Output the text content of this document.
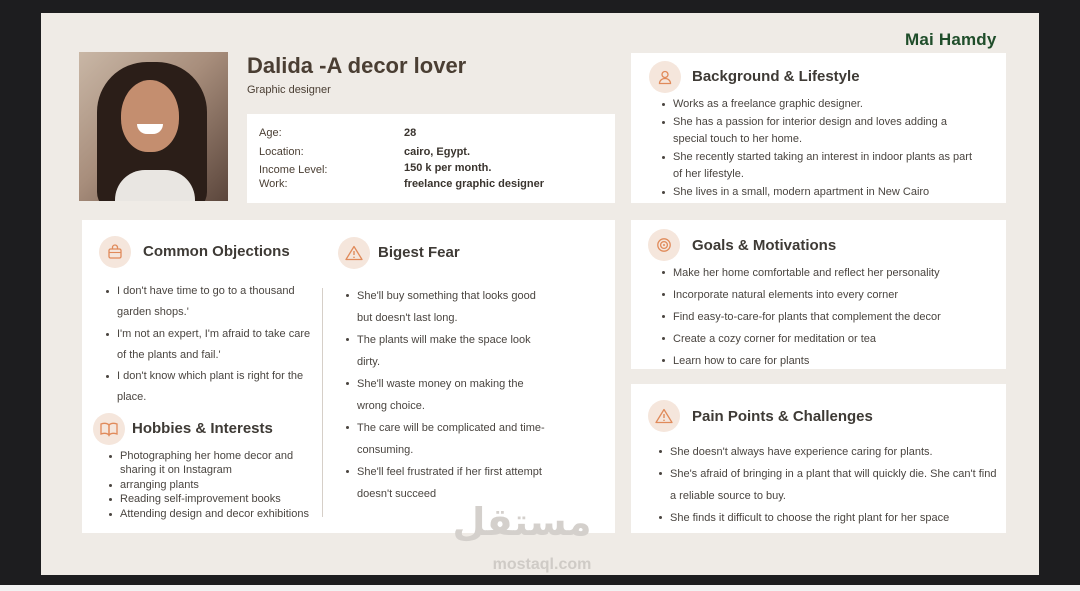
Mai Hamdy
Dalida -A decor lover
Graphic designer
Age:	28
Location:	cairo, Egypt.
Income Level:	150 k per month.
Work:	freelance graphic designer
Common Objections
I don't have time to go to a thousand garden shops.'
I'm not an expert, I'm afraid to take care of the plants and fail.'
I don't know which plant is right for the place.
Hobbies & Interests
Photographing her home decor and sharing it on Instagram
arranging plants
Reading self-improvement books
Attending design and decor exhibitions
Bigest Fear
She'll buy something that looks good but doesn't last long.
The plants will make the space look dirty.
She'll waste money on making the wrong choice.
The care will be complicated and time-consuming.
She'll feel frustrated if her first attempt doesn't succeed
Background & Lifestyle
Works as a freelance graphic designer.
She has a passion for interior design and loves adding a special touch to her home.
She recently started taking an interest in indoor plants as part of her lifestyle.
She lives in a small, modern apartment in New Cairo
Goals & Motivations
Make her home comfortable and reflect her personality
Incorporate natural elements into every corner
Find easy-to-care-for plants that complement the decor
Create a cozy corner for meditation or tea
Learn how to care for plants
Pain Points & Challenges
She doesn't always have experience caring for plants.
She's afraid of bringing in a plant that will quickly die. She can't find a reliable source to buy.
She finds it difficult to choose the right plant for her space
مستقل
mostaql.com
